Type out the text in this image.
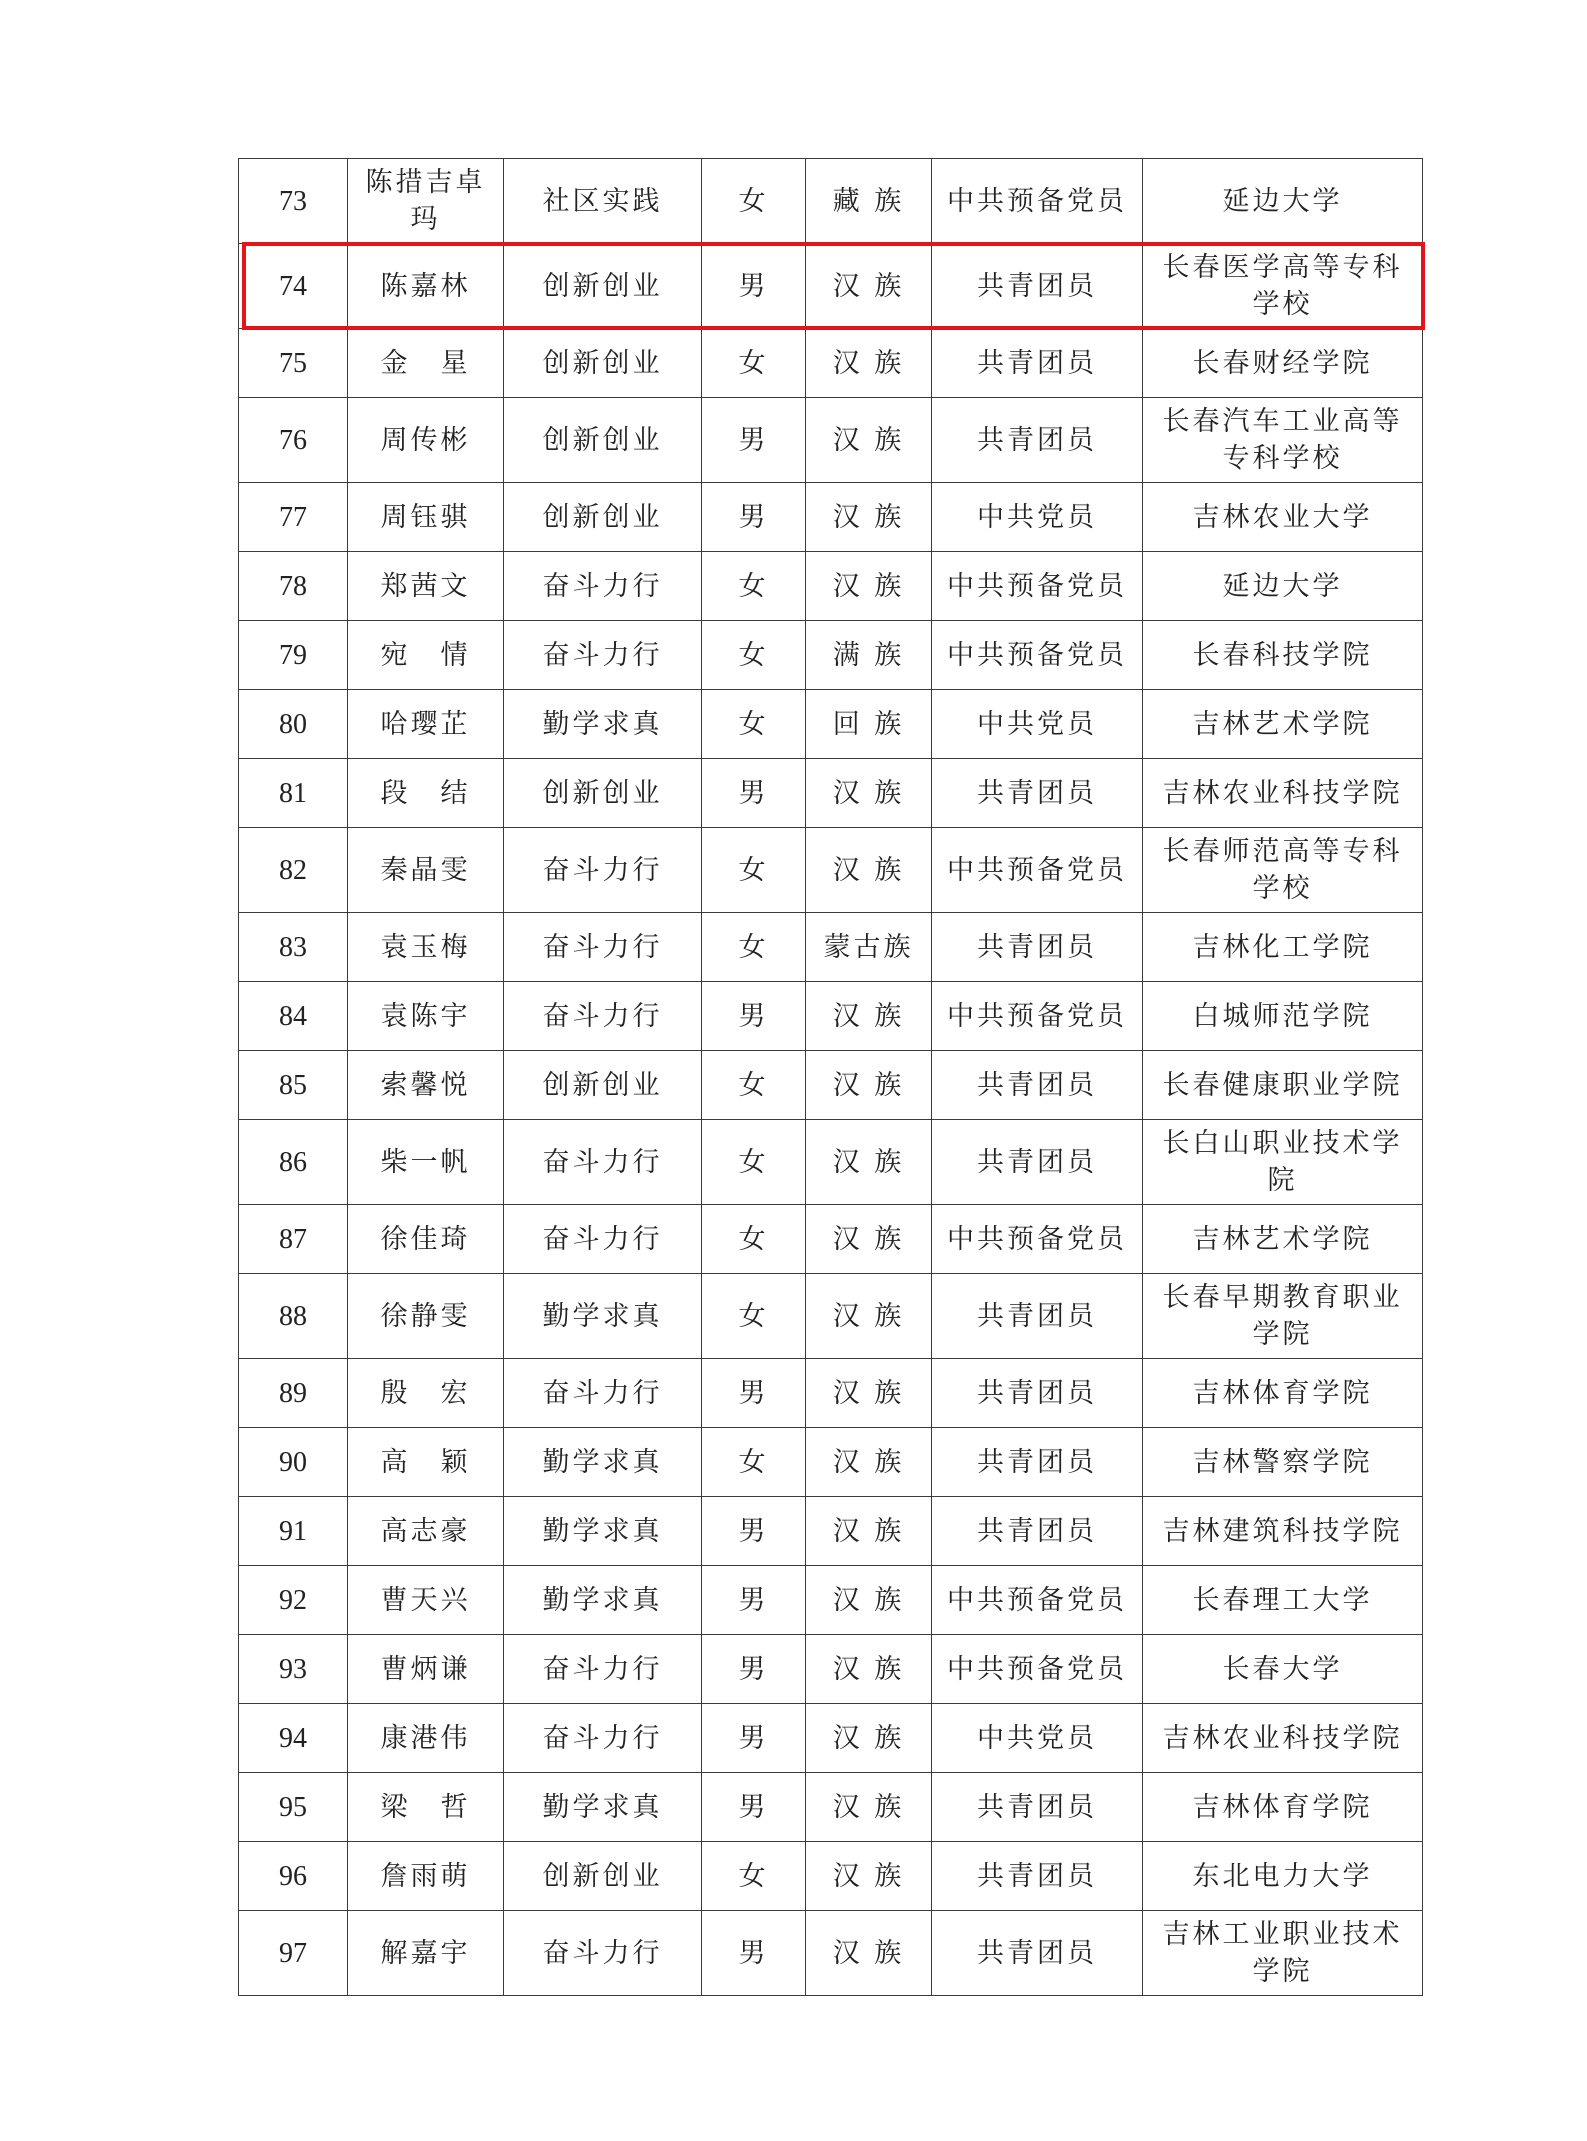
73	陈措吉卓玛	社区实践	女	藏 族	中共预备党员	延边大学
74	陈嘉林	创新创业	男	汉 族	共青团员	长春医学高等专科学校
75	金　星	创新创业	女	汉 族	共青团员	长春财经学院
76	周传彬	创新创业	男	汉 族	共青团员	长春汽车工业高等专科学校
77	周钰骐	创新创业	男	汉 族	中共党员	吉林农业大学
78	郑茜文	奋斗力行	女	汉 族	中共预备党员	延边大学
79	宛　情	奋斗力行	女	满 族	中共预备党员	长春科技学院
80	哈璎芷	勤学求真	女	回 族	中共党员	吉林艺术学院
81	段　结	创新创业	男	汉 族	共青团员	吉林农业科技学院
82	秦晶雯	奋斗力行	女	汉 族	中共预备党员	长春师范高等专科学校
83	袁玉梅	奋斗力行	女	蒙古族	共青团员	吉林化工学院
84	袁陈宇	奋斗力行	男	汉 族	中共预备党员	白城师范学院
85	索馨悦	创新创业	女	汉 族	共青团员	长春健康职业学院
86	柴一帆	奋斗力行	女	汉 族	共青团员	长白山职业技术学院
87	徐佳琦	奋斗力行	女	汉 族	中共预备党员	吉林艺术学院
88	徐静雯	勤学求真	女	汉 族	共青团员	长春早期教育职业学院
89	殷　宏	奋斗力行	男	汉 族	共青团员	吉林体育学院
90	高　颖	勤学求真	女	汉 族	共青团员	吉林警察学院
91	高志豪	勤学求真	男	汉 族	共青团员	吉林建筑科技学院
92	曹天兴	勤学求真	男	汉 族	中共预备党员	长春理工大学
93	曹炳谦	奋斗力行	男	汉 族	中共预备党员	长春大学
94	康港伟	奋斗力行	男	汉 族	中共党员	吉林农业科技学院
95	梁　哲	勤学求真	男	汉 族	共青团员	吉林体育学院
96	詹雨萌	创新创业	女	汉 族	共青团员	东北电力大学
97	解嘉宇	奋斗力行	男	汉 族	共青团员	吉林工业职业技术学院
